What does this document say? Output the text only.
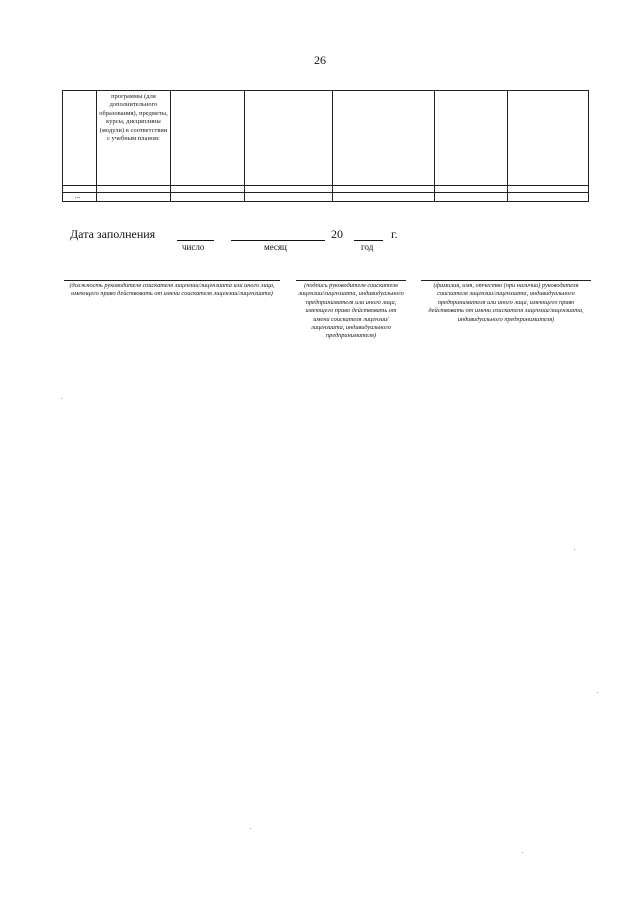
26

	программы (для дополнительного образования), предметы, курсы, дисциплины (модули) в соответствии с учебным планом:					

...						

Дата заполнения
число	месяц
20
год
г.
(должность руководителя соискателя лицензии/лицензиата или иного лица, имеющего право действовать от имени соискателя лицензии/лицензиата)
(подпись руководителя соискателя лицензии/лицензиата, индивидуального предпринимателя или иного лица, имеющего право действовать от имени соискателя лицензии/лицензиата, индивидуального предпринимателя)
(фамилия, имя, отчество (при наличии) руководителя соискателя лицензии/лицензиата, индивидуального предпринимателя или иного лица, имеющего право действовать от имени соискателя лицензии/лицензиата, индивидуального предпринимателя)
